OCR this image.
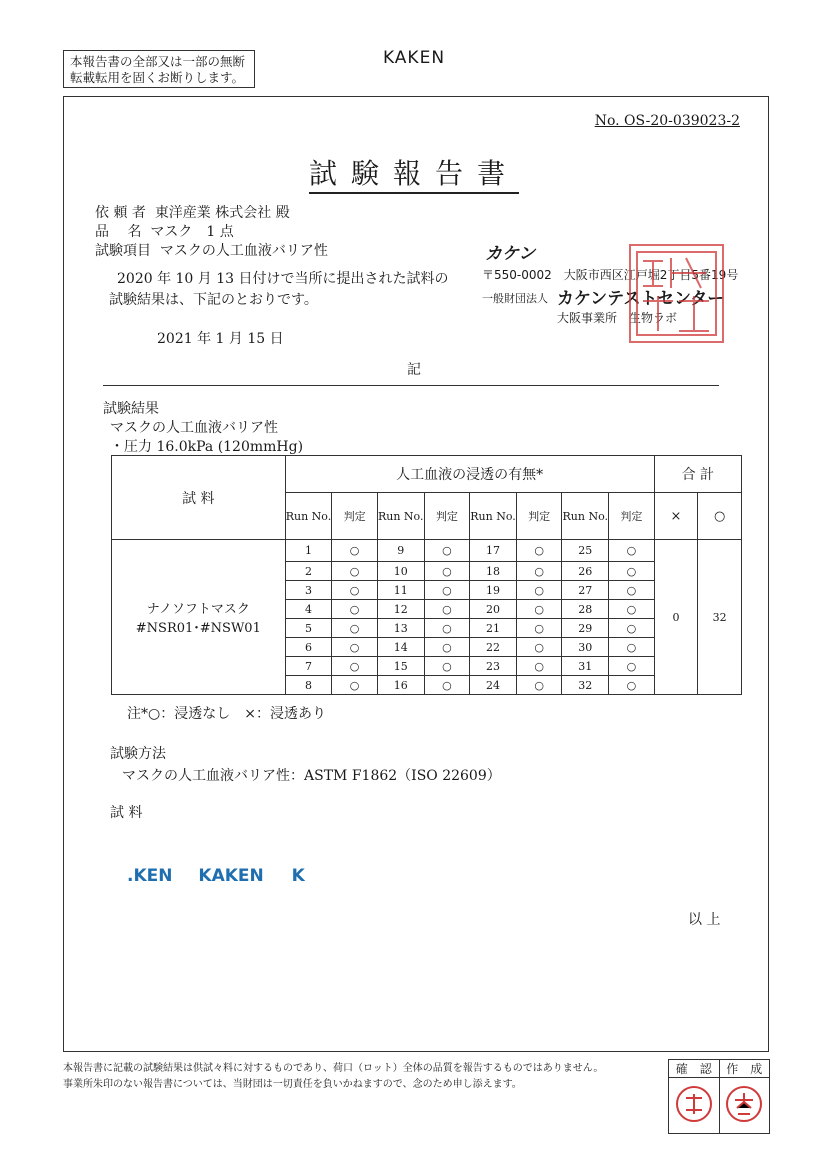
本報告書の全部又は一部の無断
転載転用を固くお断りします。
KAKEN
No. OS-20-039023-2
試験報告書
依 頼 者 東洋産業 株式会社 殿
品　 名 マスク　1 点
試験項目 マスクの人工血液バリア性
2020 年 10 月 13 日付けで当所に提出された試料の
試験結果は、下記のとおりです。
2021 年 1 月 15 日
カケン
〒550-0002　大阪市西区江戸堀2丁目5番19号
一般財団法人 カケンテストセンター
大阪事業所　生物ラボ
記
試験結果
マスクの人工血液バリア性
・圧力 16.0kPa (120mmHg)
試 料	人工血液の浸透の有無*								合 計	
	Run No.	判定	Run No.	判定	Run No.	判定	Run No.	判定	×	○

ナノソフトマスク
#NSR01･#NSW01	1	○	9	○	17	○	25	○	0	32
	2	○	10	○	18	○	26	○		
	3	○	11	○	19	○	27	○		
	4	○	12	○	20	○	28	○		
	5	○	13	○	21	○	29	○		
	6	○	14	○	22	○	30	○		
	7	○	15	○	23	○	31	○		
	8	○	16	○	24	○	32	○		
注*○：浸透なし　×：浸透あり
試験方法
マスクの人工血液バリア性：ASTM F1862（ISO 22609）
試 料
.KEN KAKEN K
以 上
本報告書に記載の試験結果は供試々料に対するものであり、荷口（ロット）全体の品質を報告するものではありません。
事業所朱印のない報告書については、当財団は一切責任を負いかねますので、念のため申し添えます。
確　認	作　成
